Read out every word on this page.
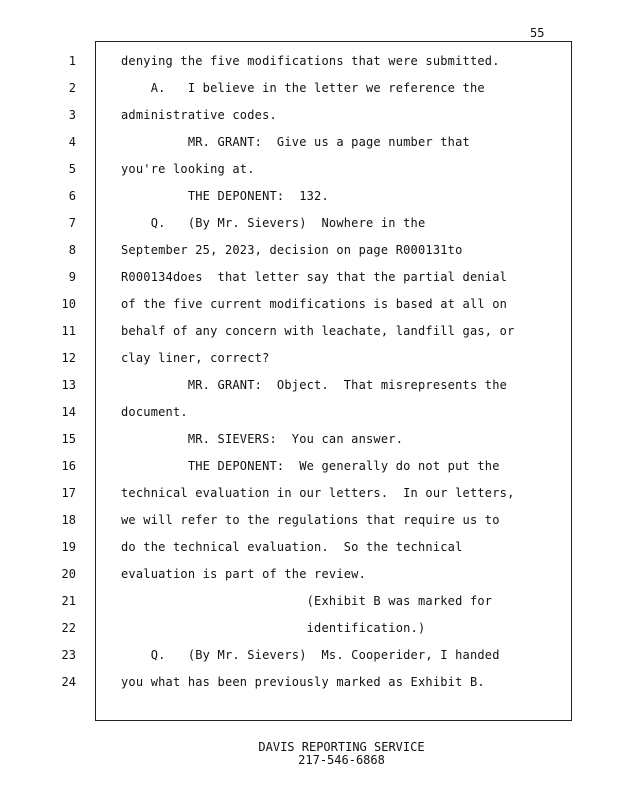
55
1	denying the five modifications that were submitted.
2	A.   I believe in the letter we reference the
3	administrative codes.
4	MR. GRANT:  Give us a page number that
5	you're looking at.
6	THE DEPONENT:  132.
7	Q.   (By Mr. Sievers)  Nowhere in the
8	September 25, 2023, decision on page R000131to
9	R000134does  that letter say that the partial denial
10	of the five current modifications is based at all on
11	behalf of any concern with leachate, landfill gas, or
12	clay liner, correct?
13	MR. GRANT:  Object.  That misrepresents the
14	document.
15	MR. SIEVERS:  You can answer.
16	THE DEPONENT:  We generally do not put the
17	technical evaluation in our letters.  In our letters,
18	we will refer to the regulations that require us to
19	do the technical evaluation.  So the technical
20	evaluation is part of the review.
21	(Exhibit B was marked for
22	identification.)
23	Q.   (By Mr. Sievers)  Ms. Cooperider, I handed
24	you what has been previously marked as Exhibit B.
DAVIS REPORTING SERVICE
217-546-6868
